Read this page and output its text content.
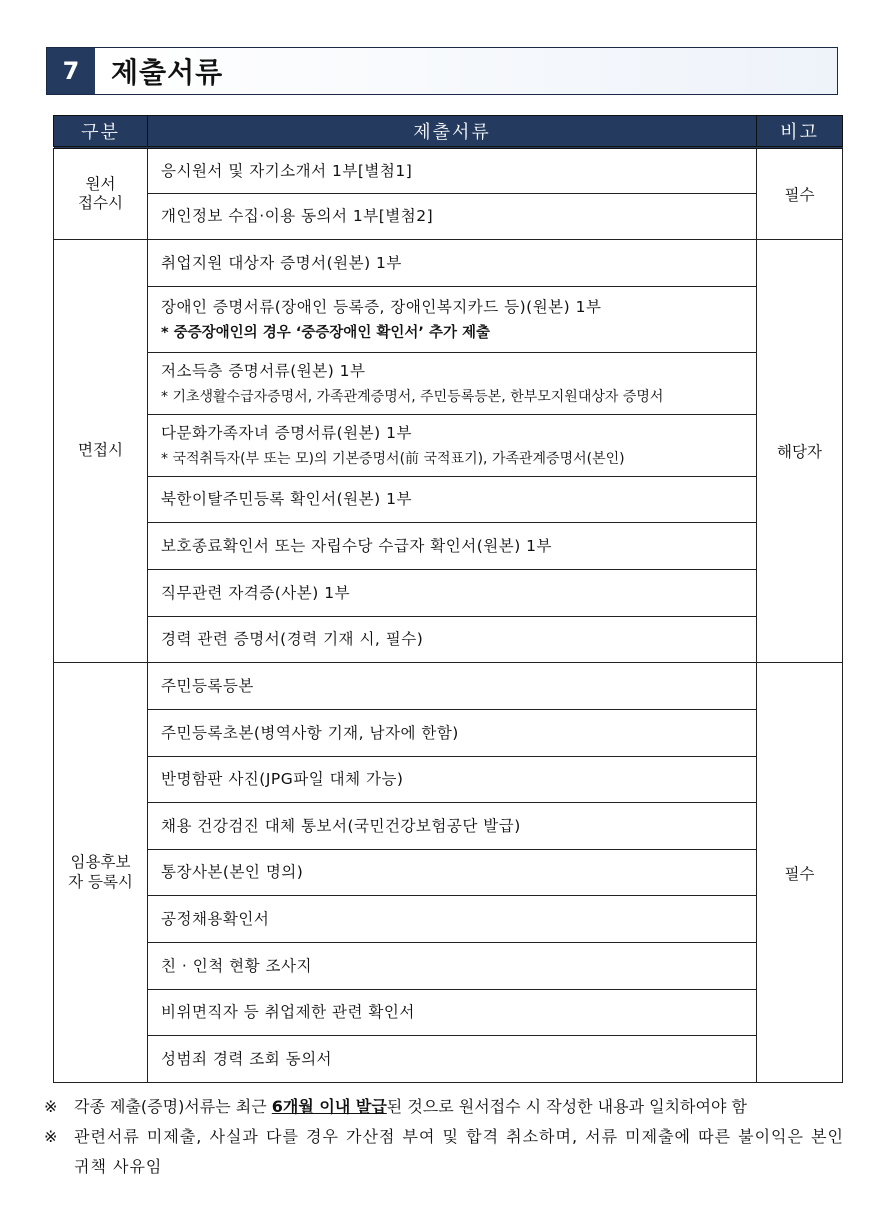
7	제출서류
구분	제출서류	비고

원서
접수시	응시원서 및 자기소개서 1부[별첨1]	필수

	개인정보 수집·이용 동의서 1부[별첨2]	

면접시	취업지원 대상자 증명서(원본) 1부	해당자

	장애인 증명서류(장애인 등록증, 장애인복지카드 등)(원본) 1부
* 중증장애인의 경우 ‘중증장애인 확인서’ 추가 제출	

	저소득층 증명서류(원본) 1부
* 기초생활수급자증명서, 가족관계증명서, 주민등록등본, 한부모지원대상자 증명서	

	다문화가족자녀 증명서류(원본) 1부
* 국적취득자(부 또는 모)의 기본증명서(前 국적표기), 가족관계증명서(본인)	

	북한이탈주민등록 확인서(원본) 1부	

	보호종료확인서 또는 자립수당 수급자 확인서(원본) 1부	

	직무관련 자격증(사본) 1부	

	경력 관련 증명서(경력 기재 시, 필수)	

임용후보
자 등록시	주민등록등본	필수

	주민등록초본(병역사항 기재, 남자에 한함)	

	반명함판 사진(JPG파일 대체 가능)	

	채용 건강검진 대체 통보서(국민건강보험공단 발급)	

	통장사본(본인 명의)	

	공정채용확인서	

	친 · 인척 현황 조사지	

	비위면직자 등 취업제한 관련 확인서	

	성범죄 경력 조회 동의서	
※	각종 제출(증명)서류는 최근 6개월 이내 발급된 것으로 원서접수 시 작성한 내용과 일치하여야 함
※	관련서류 미제출, 사실과 다를 경우 가산점 부여 및 합격 취소하며, 서류 미제출에 따른 불이익은 본인 귀책 사유임
